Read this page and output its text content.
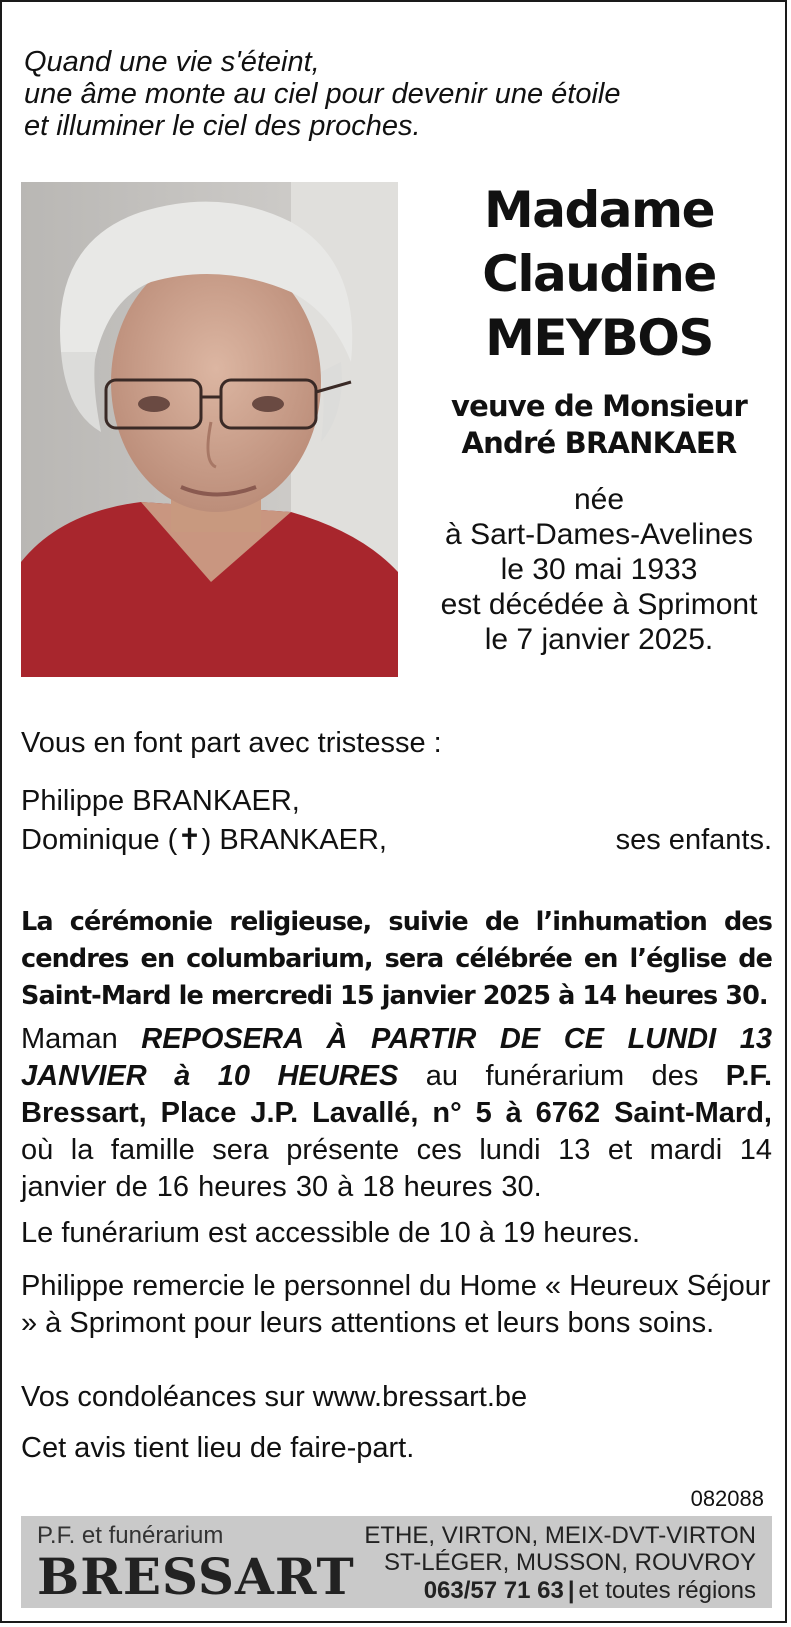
Quand une vie s'éteint,
une âme monte au ciel pour devenir une étoile
et illuminer le ciel des proches.
Madame
Claudine
MEYBOS
veuve de Monsieur
André BRANKAER
née
à Sart-Dames-Avelines
le 30 mai 1933
est décédée à Sprimont
le 7 janvier 2025.
Vous en font part avec tristesse :
Philippe BRANKAER,
Dominique (✝) BRANKAER,	ses enfants.
La cérémonie religieuse, suivie de l’inhumation des cendres en columbarium, sera célébrée en l’église de Saint-Mard le mercredi 15 janvier 2025 à 14 heures 30.
Maman REPOSERA À PARTIR DE CE LUNDI 13 JANVIER à 10 HEURES au funérarium des P.F. Bressart, Place J.P. Lavallé, n° 5 à 6762 Saint-Mard, où la famille sera présente ces lundi 13 et mardi 14 janvier de 16 heures 30 à 18 heures 30.
Le funérarium est accessible de 10 à 19 heures.
Philippe remercie le personnel du Home « Heureux Séjour » à Sprimont pour leurs attentions et leurs bons soins.
Vos condoléances sur www.bressart.be
Cet avis tient lieu de faire-part.
082088
P.F. et funérarium
BRESSART
ETHE, VIRTON, MEIX-DVT-VIRTON
ST-LÉGER, MUSSON, ROUVROY
063/57 71 63 | et toutes régions
